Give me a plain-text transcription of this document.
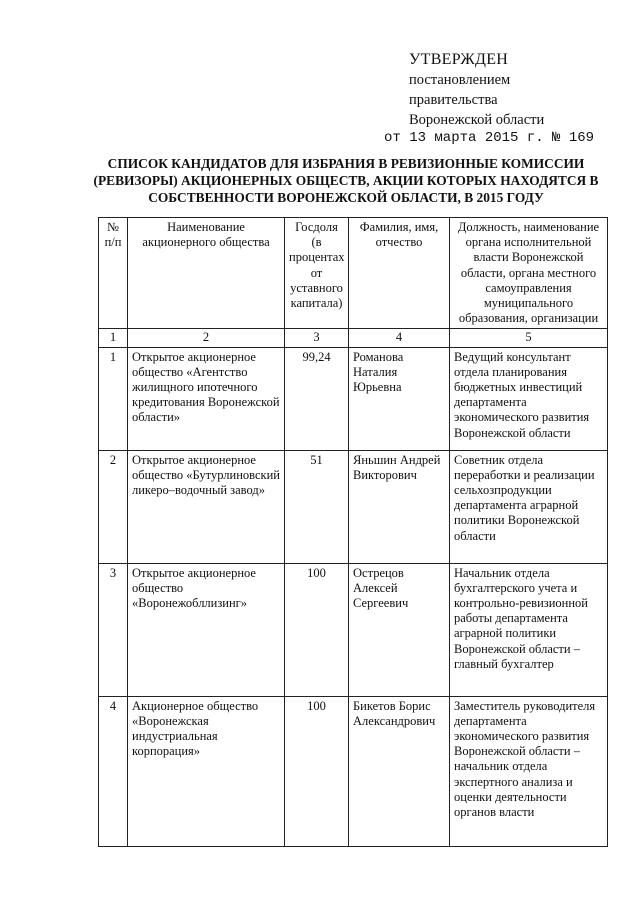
УТВЕРЖДЕН
постановлением
правительства
Воронежской области
от 13 марта 2015 г. № 169
СПИСОК КАНДИДАТОВ ДЛЯ ИЗБРАНИЯ В РЕВИЗИОННЫЕ КОМИССИИ (РЕВИЗОРЫ) АКЦИОНЕРНЫХ ОБЩЕСТВ, АКЦИИ КОТОРЫХ НАХОДЯТСЯ В СОБСТВЕННОСТИ ВОРОНЕЖСКОЙ ОБЛАСТИ, В 2015 ГОДУ
№ п/п	Наименование акционерного общества	Госдоля (в процентах от уставного капитала)	Фамилия, имя, отчество	Должность, наименование органа исполнительной власти Воронежской области, органа местного самоуправления муниципального образования, организации
1	2	3	4	5
1	Открытое акционерное общество «Агентство жилищного ипотечного кредитования Воронежской области»	99,24	Романова Наталия Юрьевна	Ведущий консультант отдела планирования бюджетных инвестиций департамента экономического развития Воронежской области
2	Открытое акционерное общество «Бутурлиновский ликеро–водочный завод»	51	Яньшин Андрей Викторович	Советник отдела переработки и реализации сельхозпродукции департамента аграрной политики Воронежской области
3	Открытое акционерное общество «Воронежобллизинг»	100	Острецов Алексей Сергеевич	Начальник отдела бухгалтерского учета и контрольно-ревизионной работы департамента аграрной политики Воронежской области – главный бухгалтер
4	Акционерное общество «Воронежская индустриальная корпорация»	100	Бикетов Борис Александрович	Заместитель руководителя департамента экономического развития Воронежской области – начальник отдела экспертного анализа и оценки деятельности органов власти
